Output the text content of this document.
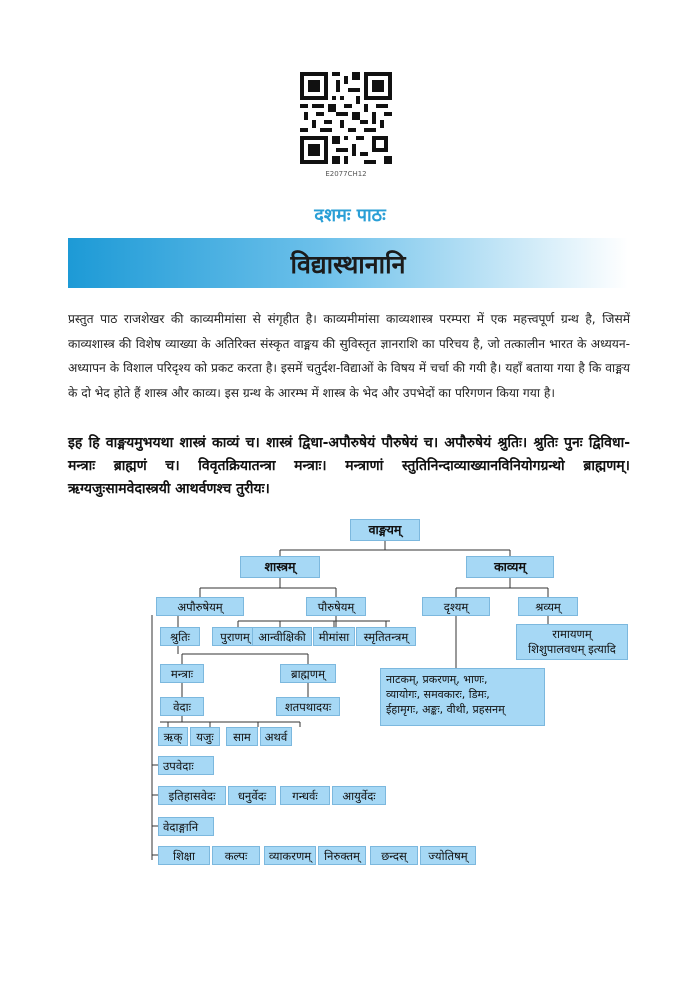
E2077CH12
दशमः पाठः
विद्यास्थानानि
प्रस्तुत पाठ राजशेखर की काव्यमीमांसा से संगृहीत है। काव्यमीमांसा काव्यशास्त्र परम्परा में एक महत्त्वपूर्ण ग्रन्थ है, जिसमें काव्यशास्त्र की विशेष व्याख्या के अतिरिक्त संस्कृत वाङ्मय की सुविस्तृत ज्ञानराशि का परिचय है, जो तत्कालीन भारत के अध्ययन-अध्यापन के विशाल परिदृश्य को प्रकट करता है। इसमें चतुर्दश-विद्याओं के विषय में चर्चा की गयी है। यहाँ बताया गया है कि वाङ्मय के दो भेद होते हैं शास्त्र और काव्य। इस ग्रन्थ के आरम्भ में शास्त्र के भेद और उपभेदों का परिगणन किया गया है।
इह हि वाङ्मयमुभयथा शास्त्रं काव्यं च। शास्त्रं द्विधा-अपौरुषेयं पौरुषेयं च। अपौरुषेयं श्रुतिः। श्रुतिः पुनः द्विविधा-मन्त्राः ब्राह्मणं च। विवृतक्रियातन्त्रा मन्त्राः। मन्त्राणां स्तुतिनिन्दाव्याख्यानविनियोगग्रन्थो ब्राह्मणम्। ऋग्यजुःसामवेदास्त्रयी आथर्वणश्च तुरीयः।
वाङ्मयम्
शास्त्रम्	काव्यम्
अपौरुषेयम्	पौरुषेयम्	दृश्यम्	श्रव्यम्
श्रुतिः	पुराणम् आन्वीक्षिकी	मीमांसा	स्मृतितन्त्रम्	रामायणम्
शिशुपालवधम् इत्यादि
मन्त्राः	ब्राह्मणम्	नाटकम्, प्रकरणम्, भाणः,
व्यायोगः, समवकारः, डिमः,
ईहामृगः, अङ्कः, वीथी, प्रहसनम्
वेदाः	शतपथादयः
ऋक्	यजुः	साम	अथर्व
उपवेदाः
इतिहासवेदः	धनुर्वेदः	गन्धर्वः	आयुर्वेदः
वेदाङ्गानि
शिक्षा	कल्पः	व्याकरणम्	निरुक्तम्	छन्दस्	ज्योतिषम्
